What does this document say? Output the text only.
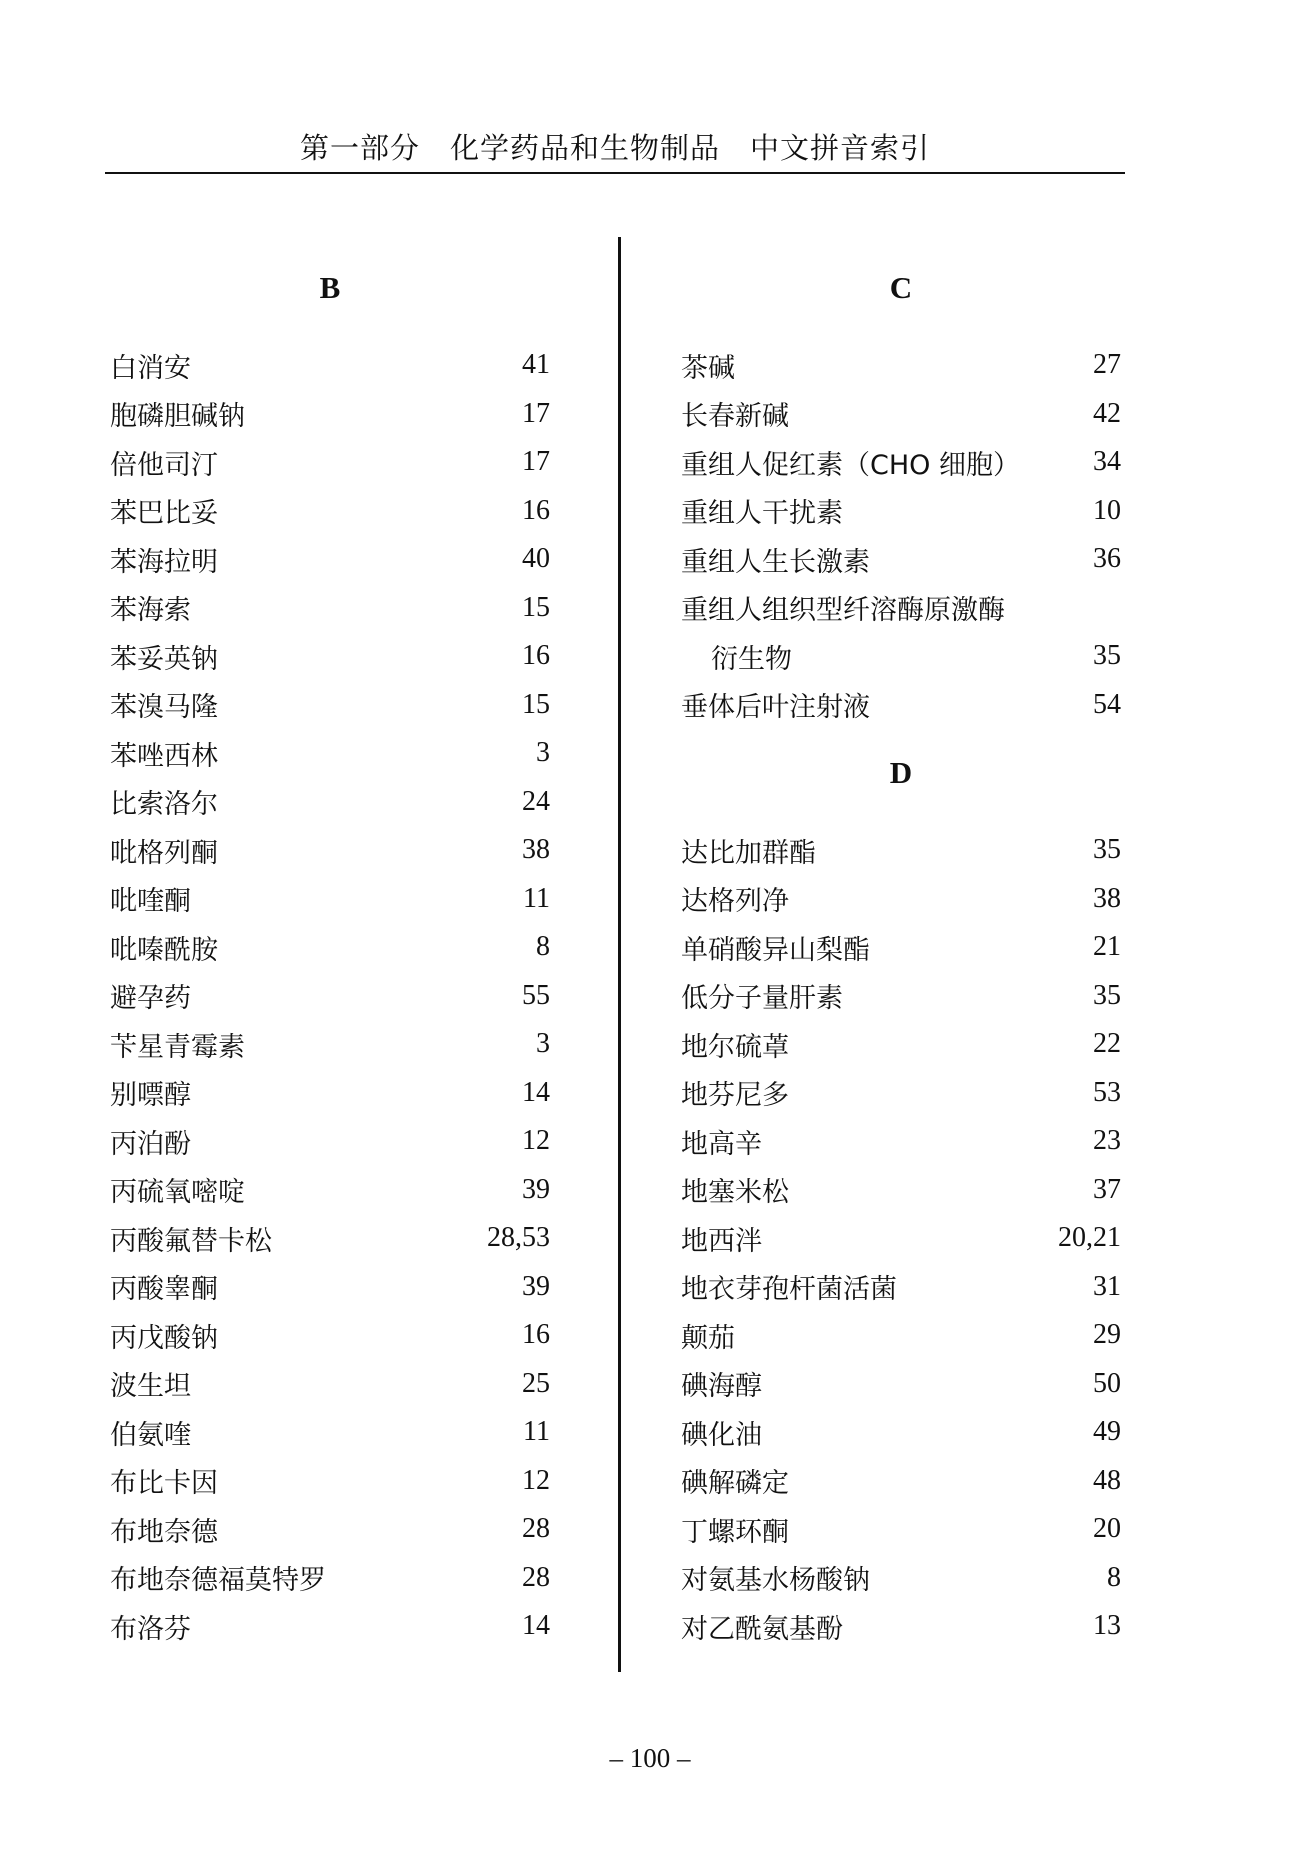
第一部分　化学药品和生物制品　中文拼音索引
B
白消安	41
胞磷胆碱钠	17
倍他司汀	17
苯巴比妥	16
苯海拉明	40
苯海索	15
苯妥英钠	16
苯溴马隆	15
苯唑西林	3
比索洛尔	24
吡格列酮	38
吡喹酮	11
吡嗪酰胺	8
避孕药	55
苄星青霉素	3
别嘌醇	14
丙泊酚	12
丙硫氧嘧啶	39
丙酸氟替卡松	28,53
丙酸睾酮	39
丙戊酸钠	16
波生坦	25
伯氨喹	11
布比卡因	12
布地奈德	28
布地奈德福莫特罗	28
布洛芬	14
C
茶碱	27
长春新碱	42
重组人促红素（CHO 细胞）	34
重组人干扰素	10
重组人生长激素	36
重组人组织型纤溶酶原激酶
衍生物	35
垂体后叶注射液	54
D
达比加群酯	35
达格列净	38
单硝酸异山梨酯	21
低分子量肝素	35
地尔硫䓬	22
地芬尼多	53
地高辛	23
地塞米松	37
地西泮	20,21
地衣芽孢杆菌活菌	31
颠茄	29
碘海醇	50
碘化油	49
碘解磷定	48
丁螺环酮	20
对氨基水杨酸钠	8
对乙酰氨基酚	13
– 100 –
